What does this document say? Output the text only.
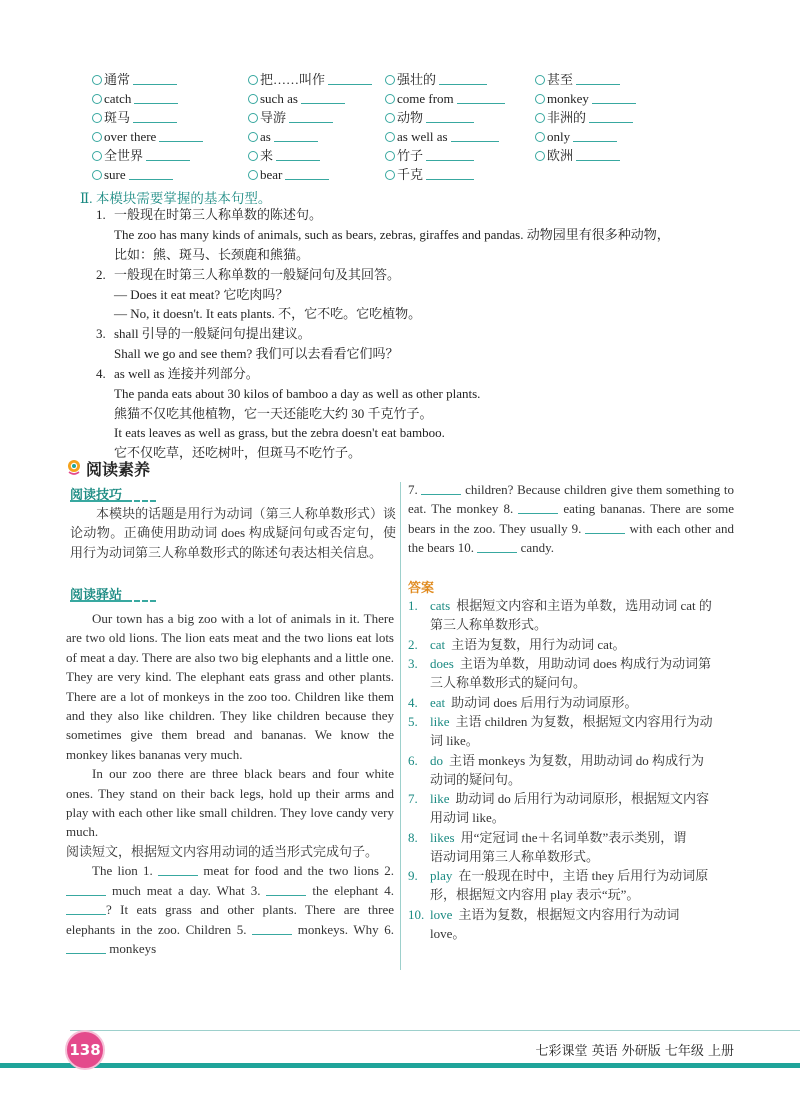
通常	把……叫作	强壮的	甚至
catch	such as	come from	monkey
斑马	导游	动物	非洲的
over there	as	as well as	only
全世界	来	竹子	欧洲
sure	bear	千克
Ⅱ. 本模块需要掌握的基本句型。
1. 一般现在时第三人称单数的陈述句。
The zoo has many kinds of animals, such as bears, zebras, giraffes and pandas. 动物园里有很多种动物，
比如：熊、斑马、长颈鹿和熊猫。
2. 一般现在时第三人称单数的一般疑问句及其回答。
— Does it eat meat? 它吃肉吗？
— No, it doesn't. It eats plants. 不，它不吃。它吃植物。
3. shall 引导的一般疑问句提出建议。
Shall we go and see them? 我们可以去看看它们吗？
4. as well as 连接并列部分。
The panda eats about 30 kilos of bamboo a day as well as other plants.
熊猫不仅吃其他植物，它一天还能吃大约 30 千克竹子。
It eats leaves as well as grass, but the zebra doesn't eat bamboo.
它不仅吃草，还吃树叶，但斑马不吃竹子。
阅读素养
阅读技巧
本模块的话题是用行为动词（第三人称单数形式）谈论动物。正确使用助动词 does 构成疑问句或否定句，使用行为动词第三人称单数形式的陈述句表达相关信息。
阅读驿站

Our town has a big zoo with a lot of animals in it. There are two old lions. The lion eats meat and the two lions eat lots of meat a day. There are also two big elephants and a little one. They are very kind. The elephant eats grass and other plants. There are a lot of monkeys in the zoo too. Children like them and they also like children. They like children because they sometimes give them bread and bananas. We know the monkey likes bananas very much.

In our zoo there are three black bears and four white ones. They stand on their back legs, hold up their arms and play with each other like small children. They love candy very much.

阅读短文，根据短文内容用动词的适当形式完成句子。

The lion 1.	meat for food and the two lions 2.  much meat a day. What 3.	the elephant 4. ? It eats grass and other plants. There are three elephants in the zoo. Children 5.	monkeys. Why 6.  monkeys

7.	children? Because children give them something to eat. The monkey 8.	eating bananas. There are some bears in the zoo. They usually 9.	with each other and the bears 10.	candy.

答案
1. cats 根据短文内容和主语为单数，选用动词 cat 的
第三人称单数形式。
2. cat 主语为复数，用行为动词 cat。
3. does 主语为单数，用助动词 does 构成行为动词第
三人称单数形式的疑问句。
4. eat 助动词 does 后用行为动词原形。
5. like 主语 children 为复数，根据短文内容用行为动
词 like。
6. do 主语 monkeys 为复数，用助动词 do 构成行为
动词的疑问句。
7. like 助动词 do 后用行为动词原形，根据短文内容
用动词 like。
8. likes 用“定冠词 the＋名词单数”表示类别，谓
语动词用第三人称单数形式。
9. play 在一般现在时中，主语 they 后用行为动词原
形，根据短文内容用 play 表示“玩”。
10. love 主语为复数，根据短文内容用行为动词
love。
138	七彩课堂 英语 外研版 七年级 上册
